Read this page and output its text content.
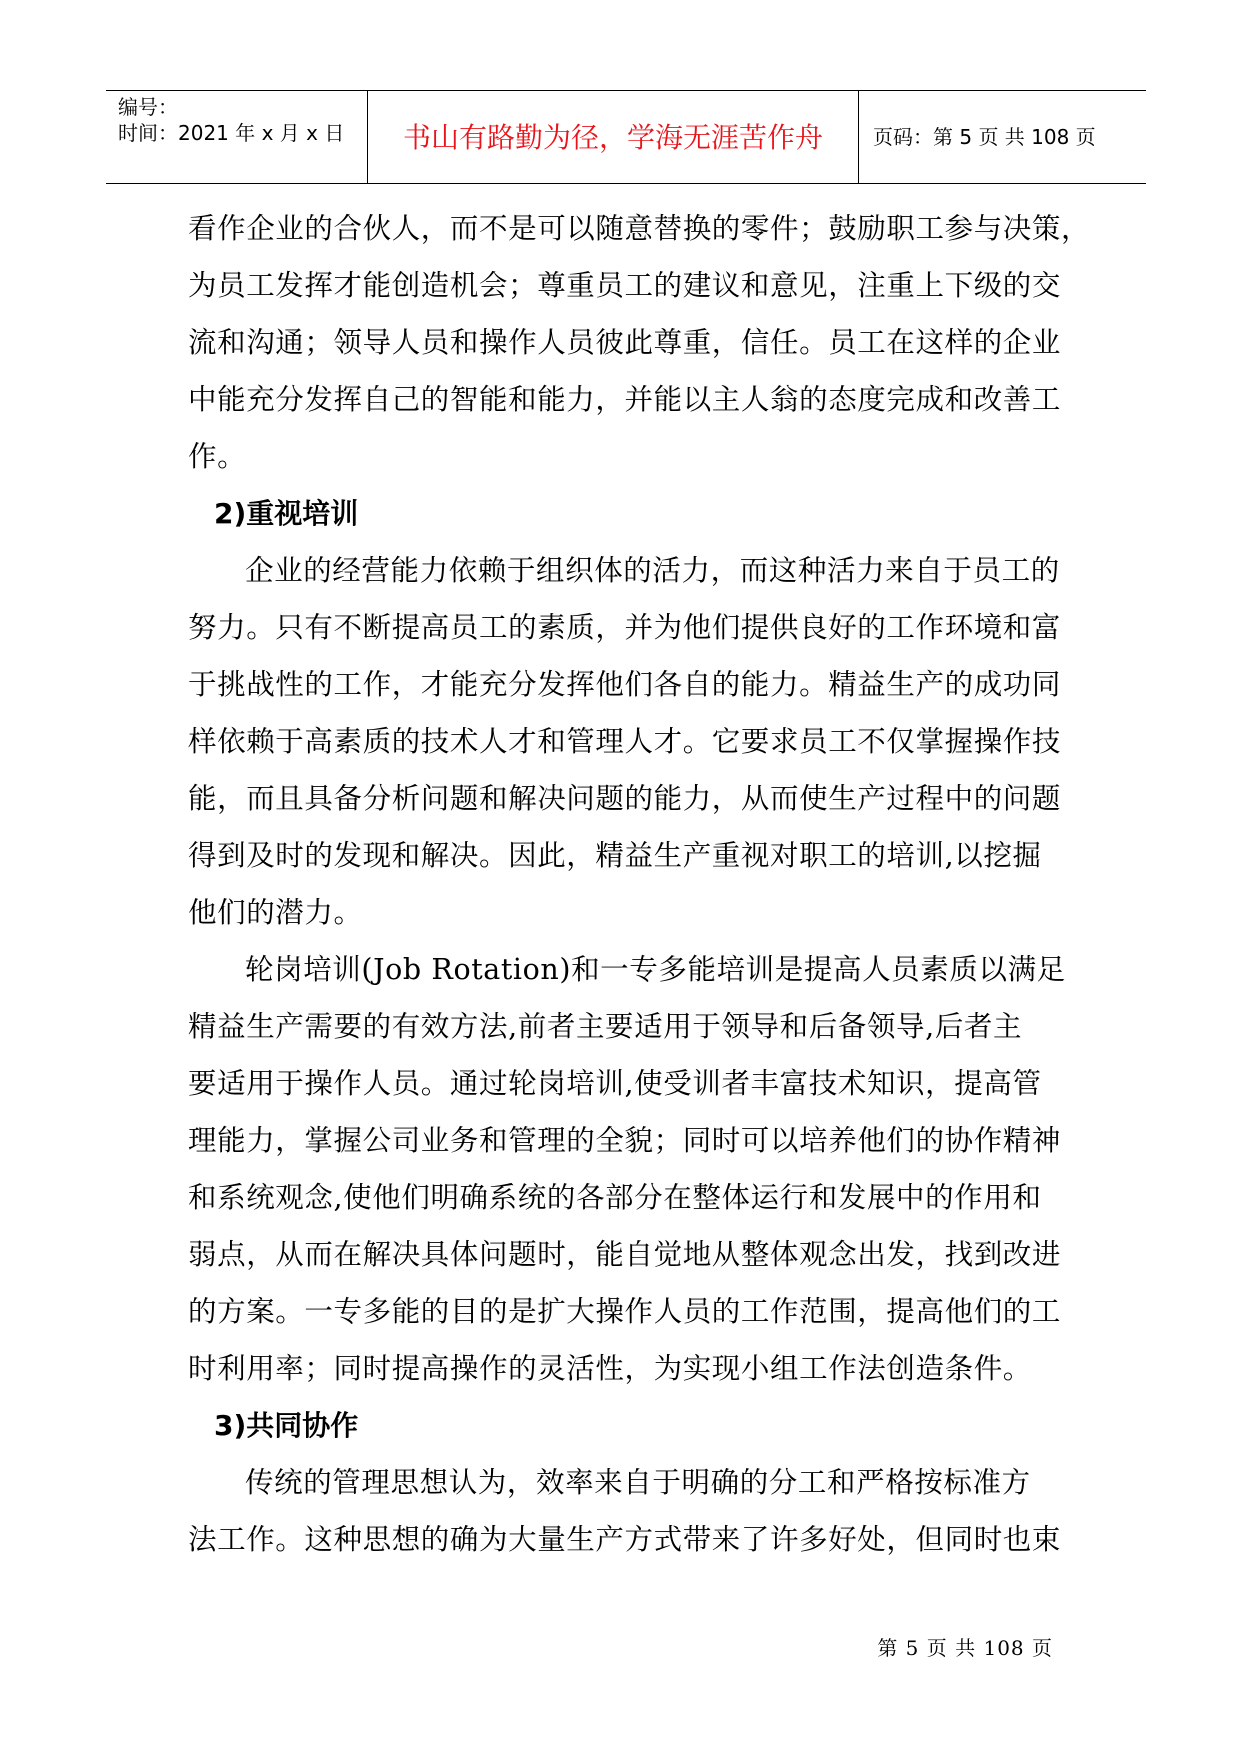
编号：
时间：2021 年 x 月 x 日	书山有路勤为径，学海无涯苦作舟	页码：第 5 页 共 108 页
看作企业的合伙人，而不是可以随意替换的零件；鼓励职工参与决策，
为员工发挥才能创造机会；尊重员工的建议和意见，注重上下级的交
流和沟通；领导人员和操作人员彼此尊重，信任。员工在这样的企业
中能充分发挥自己的智能和能力，并能以主人翁的态度完成和改善工
作。
2)重视培训
企业的经营能力依赖于组织体的活力，而这种活力来自于员工的
努力。只有不断提高员工的素质，并为他们提供良好的工作环境和富
于挑战性的工作，才能充分发挥他们各自的能力。精益生产的成功同
样依赖于高素质的技术人才和管理人才。它要求员工不仅掌握操作技
能，而且具备分析问题和解决问题的能力，从而使生产过程中的问题
得到及时的发现和解决。因此，精益生产重视对职工的培训,以挖掘
他们的潜力。
轮岗培训(Job Rotation)和一专多能培训是提高人员素质以满足
精益生产需要的有效方法,前者主要适用于领导和后备领导,后者主
要适用于操作人员。通过轮岗培训,使受训者丰富技术知识，提高管
理能力，掌握公司业务和管理的全貌；同时可以培养他们的协作精神
和系统观念,使他们明确系统的各部分在整体运行和发展中的作用和
弱点，从而在解决具体问题时，能自觉地从整体观念出发，找到改进
的方案。一专多能的目的是扩大操作人员的工作范围，提高他们的工
时利用率；同时提高操作的灵活性，为实现小组工作法创造条件。
3)共同协作
传统的管理思想认为，效率来自于明确的分工和严格按标准方
法工作。这种思想的确为大量生产方式带来了许多好处，但同时也束
第 5 页 共 108 页
